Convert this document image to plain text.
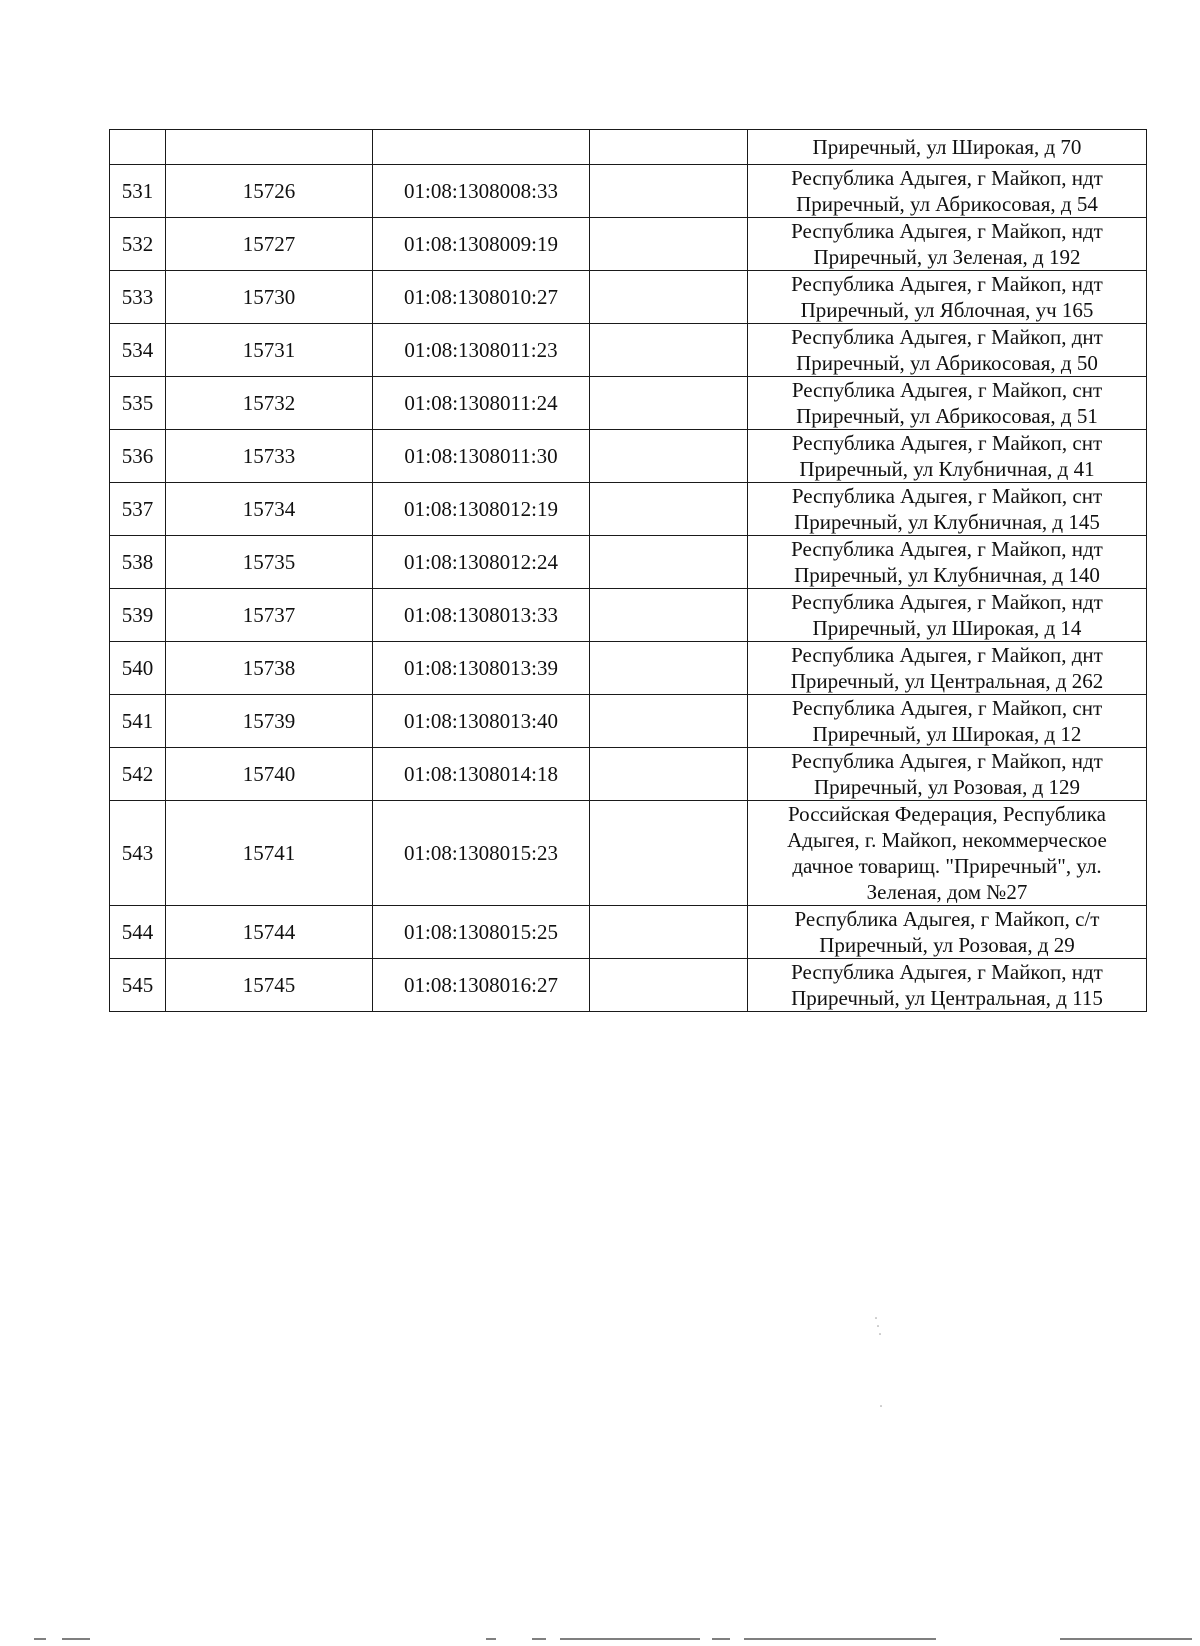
				Приречный, ул Широкая, д 70
531	15726	01:08:1308008:33		Республика Адыгея, г Майкоп, ндт Приречный, ул Абрикосовая, д 54
532	15727	01:08:1308009:19		Республика Адыгея, г Майкоп, ндт Приречный, ул Зеленая, д 192
533	15730	01:08:1308010:27		Республика Адыгея, г Майкоп, ндт Приречный, ул Яблочная, уч 165
534	15731	01:08:1308011:23		Республика Адыгея, г Майкоп, днт Приречный, ул Абрикосовая, д 50
535	15732	01:08:1308011:24		Республика Адыгея, г Майкоп, снт Приречный, ул Абрикосовая, д 51
536	15733	01:08:1308011:30		Республика Адыгея, г Майкоп, снт Приречный, ул Клубничная, д 41
537	15734	01:08:1308012:19		Республика Адыгея, г Майкоп, снт Приречный, ул Клубничная, д 145
538	15735	01:08:1308012:24		Республика Адыгея, г Майкоп, ндт Приречный, ул Клубничная, д 140
539	15737	01:08:1308013:33		Республика Адыгея, г Майкоп, ндт Приречный, ул Широкая, д 14
540	15738	01:08:1308013:39		Республика Адыгея, г Майкоп, днт Приречный, ул Центральная, д 262
541	15739	01:08:1308013:40		Республика Адыгея, г Майкоп, снт Приречный, ул Широкая, д 12
542	15740	01:08:1308014:18		Республика Адыгея, г Майкоп, ндт Приречный, ул Розовая, д 129
543	15741	01:08:1308015:23		Российская Федерация, Республика Адыгея, г. Майкоп, некоммерческое дачное товарищ. "Приречный", ул. Зеленая, дом №27
544	15744	01:08:1308015:25		Республика Адыгея, г Майкоп, с/т Приречный, ул Розовая, д 29
545	15745	01:08:1308016:27		Республика Адыгея, г Майкоп, ндт Приречный, ул Центральная, д 115
